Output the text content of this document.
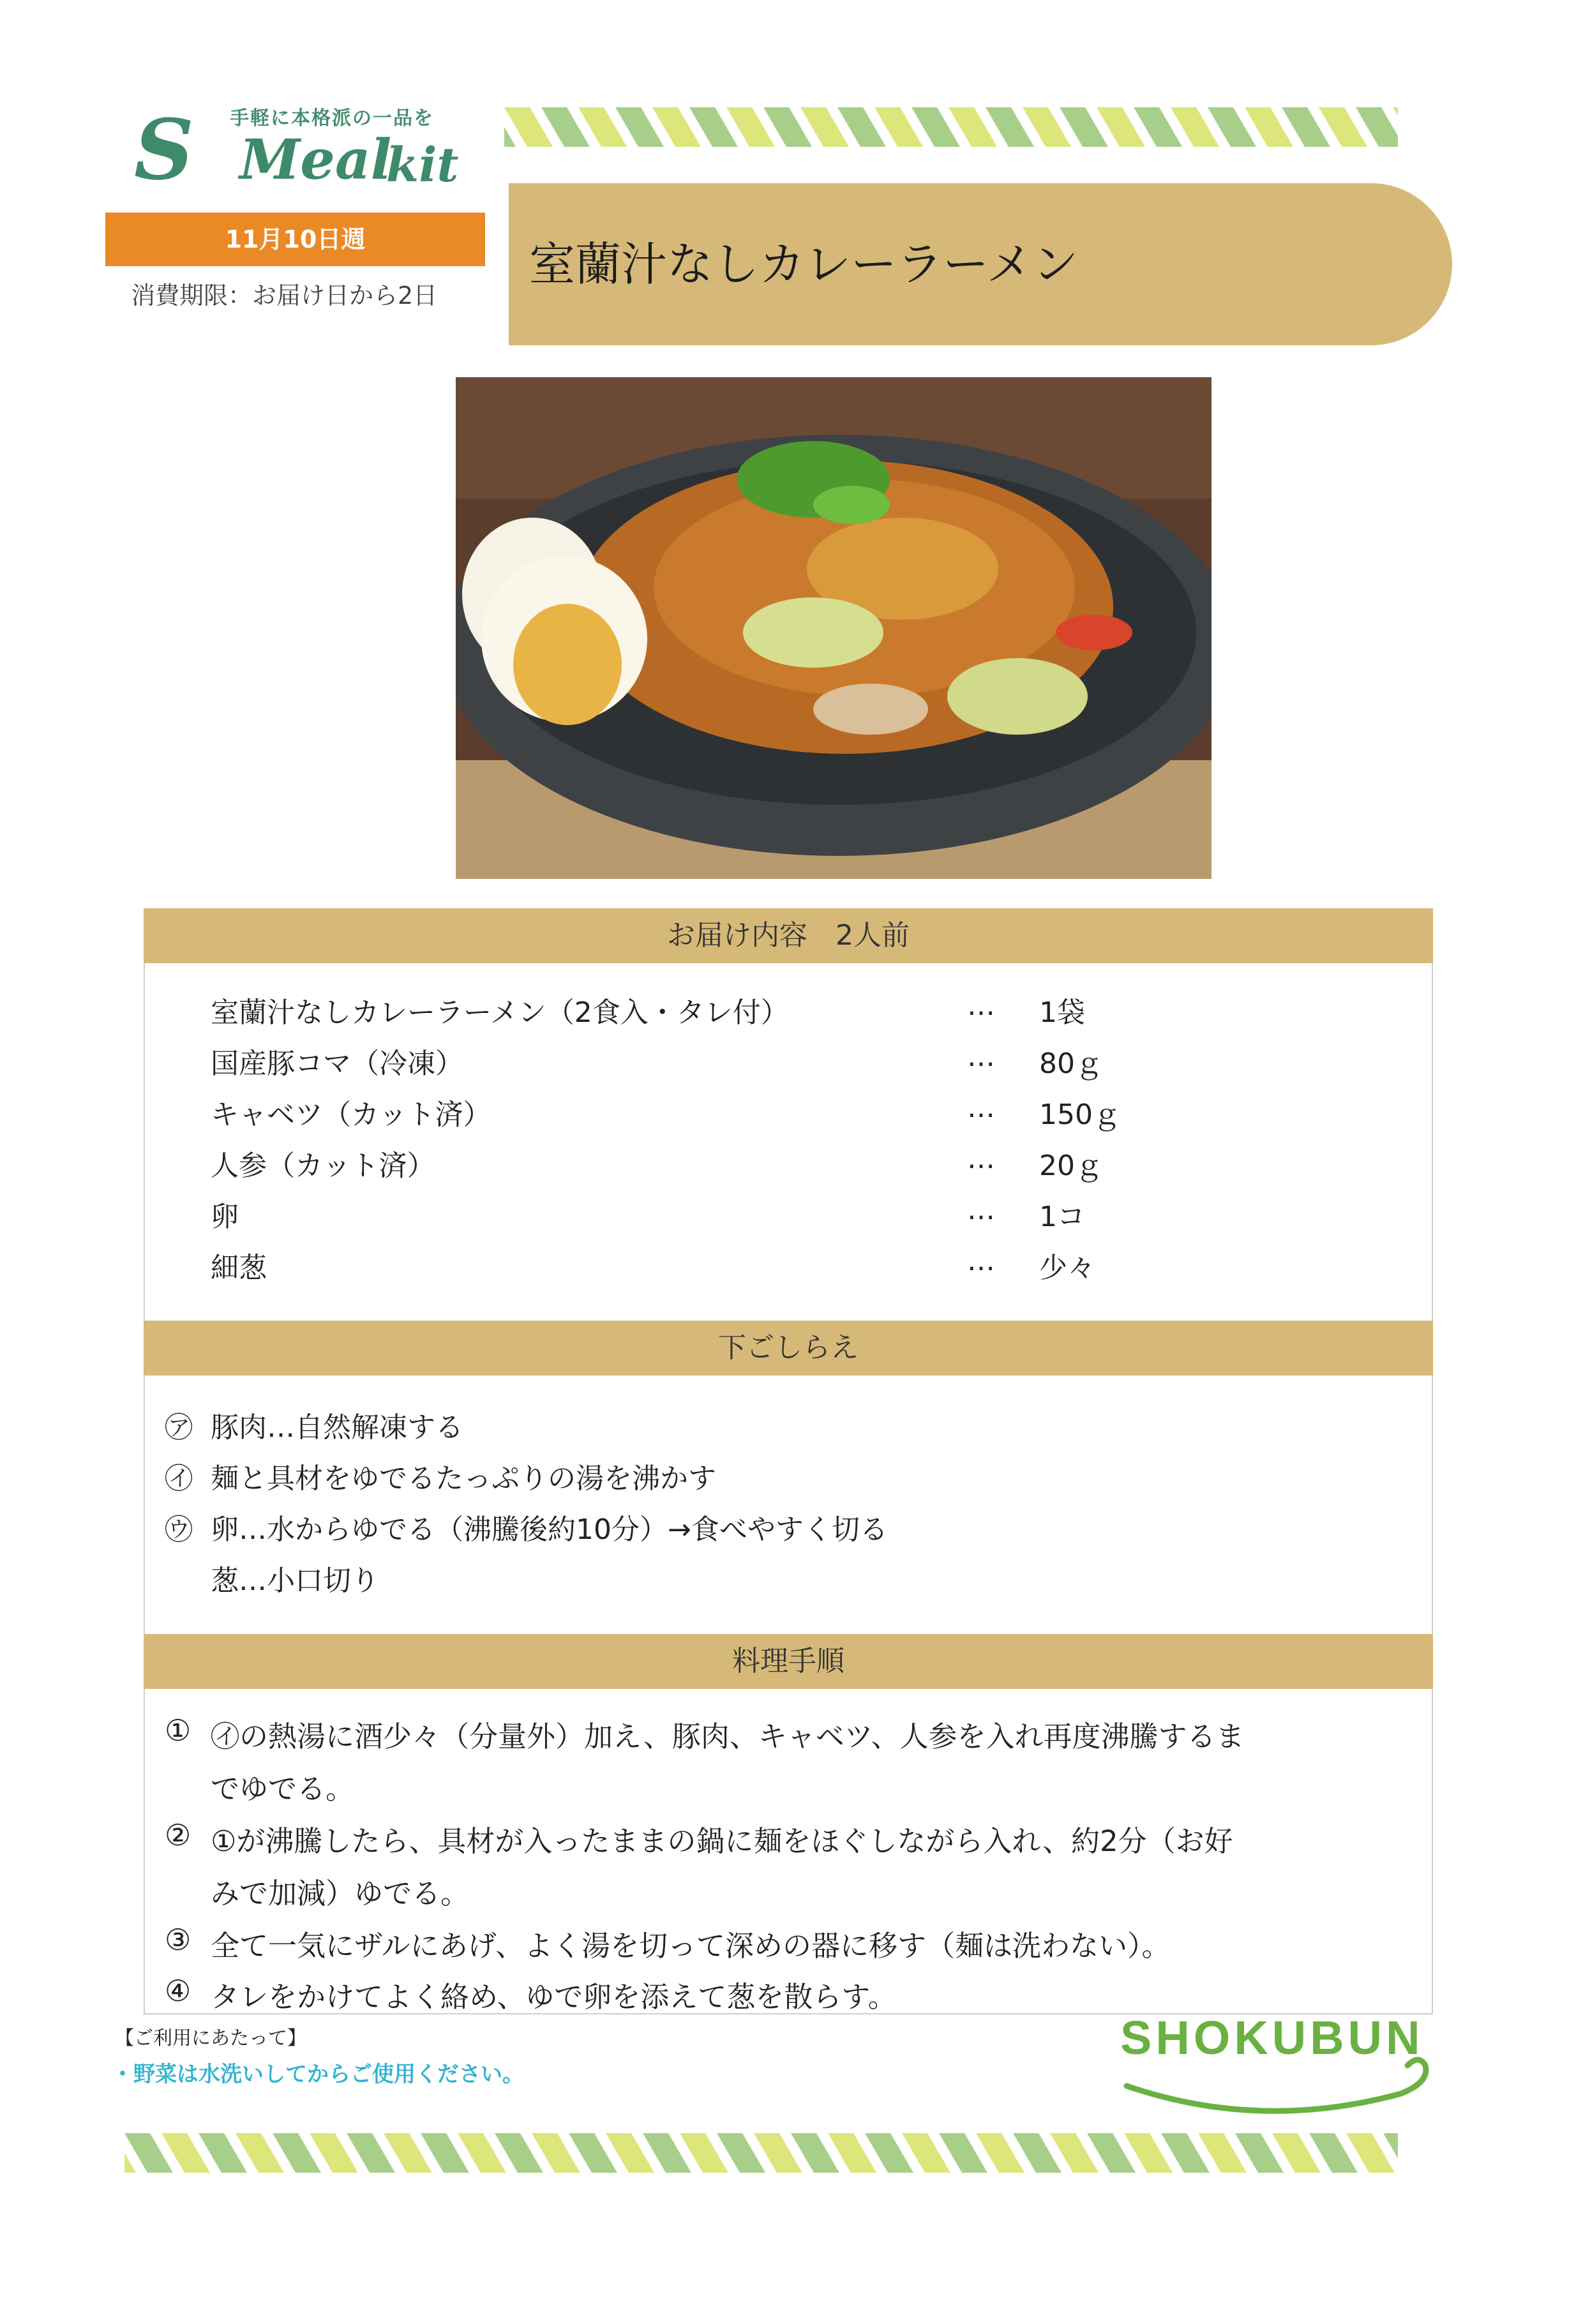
手軽に本格派の一品を
S Meal
kit
11月10日週
消費期限：お届け日から2日
室蘭汁なしカレーラーメン
お届け内容　2人前
室蘭汁なしカレーラーメン（2食入・タレ付）	… 1袋
国産豚コマ（冷凍）	… 80ｇ
キャベツ（カット済）	… 150ｇ
人参（カット済）	… 20ｇ
卵	… 1コ
細葱	… 少々
下ごしらえ
㋐ 豚肉…自然解凍する
㋑ 麺と具材をゆでるたっぷりの湯を沸かす
㋒ 卵…水からゆでる（沸騰後約10分）→食べやすく切る
葱…小口切り
料理手順
① ㋑の熱湯に酒少々（分量外）加え、豚肉、キャベツ、人参を入れ再度沸騰するま
でゆでる。
② ①が沸騰したら、具材が入ったままの鍋に麺をほぐしながら入れ、約2分（お好
みで加減）ゆでる。
③ 全て一気にザルにあげ、よく湯を切って深めの器に移す（麺は洗わない）。
④ タレをかけてよく絡め、ゆで卵を添えて葱を散らす。
【ご利用にあたって】
・野菜は水洗いしてからご使用ください。
SHOKUBUN
